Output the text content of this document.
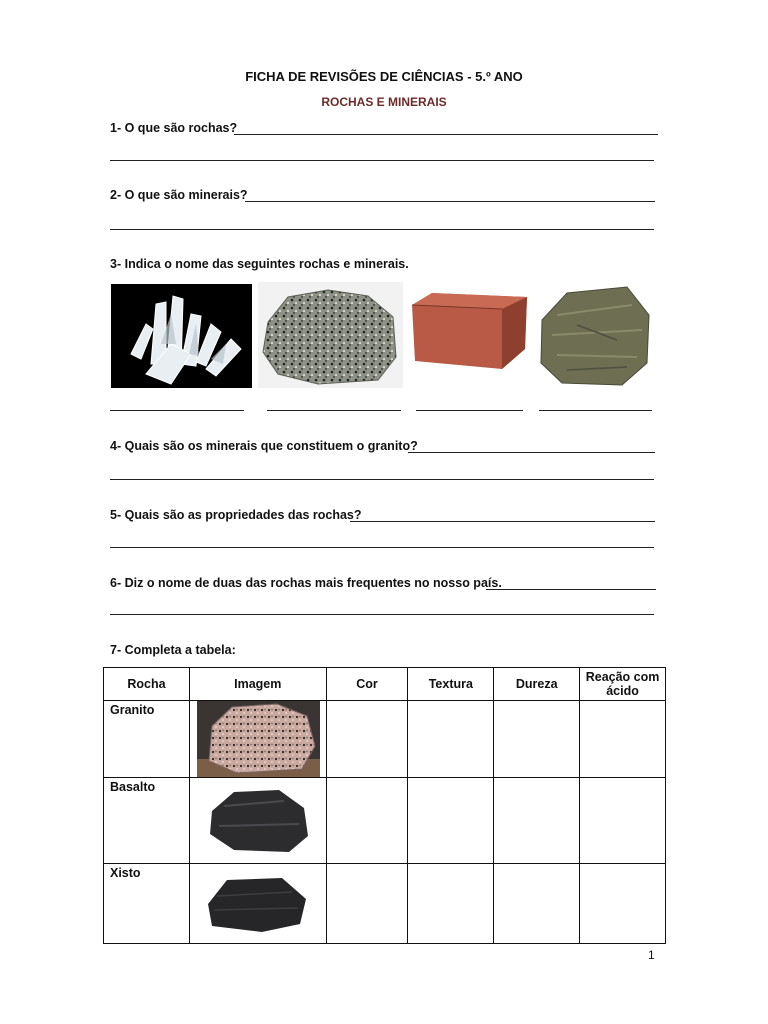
FICHA DE REVISÕES DE CIÊNCIAS - 5.º ANO
ROCHAS E MINERAIS
1- O que são rochas?
2- O que são minerais?
3- Indica o nome das seguintes rochas e minerais.
4- Quais são os minerais que constituem o granito?
5- Quais são as propriedades das rochas?
6- Diz o nome de duas das rochas mais frequentes no nosso país.
7- Completa a tabela:
Rocha	Imagem	Cor	Textura	Dureza	Reação com ácido
Granito	

Basalto	

Xisto	

1
